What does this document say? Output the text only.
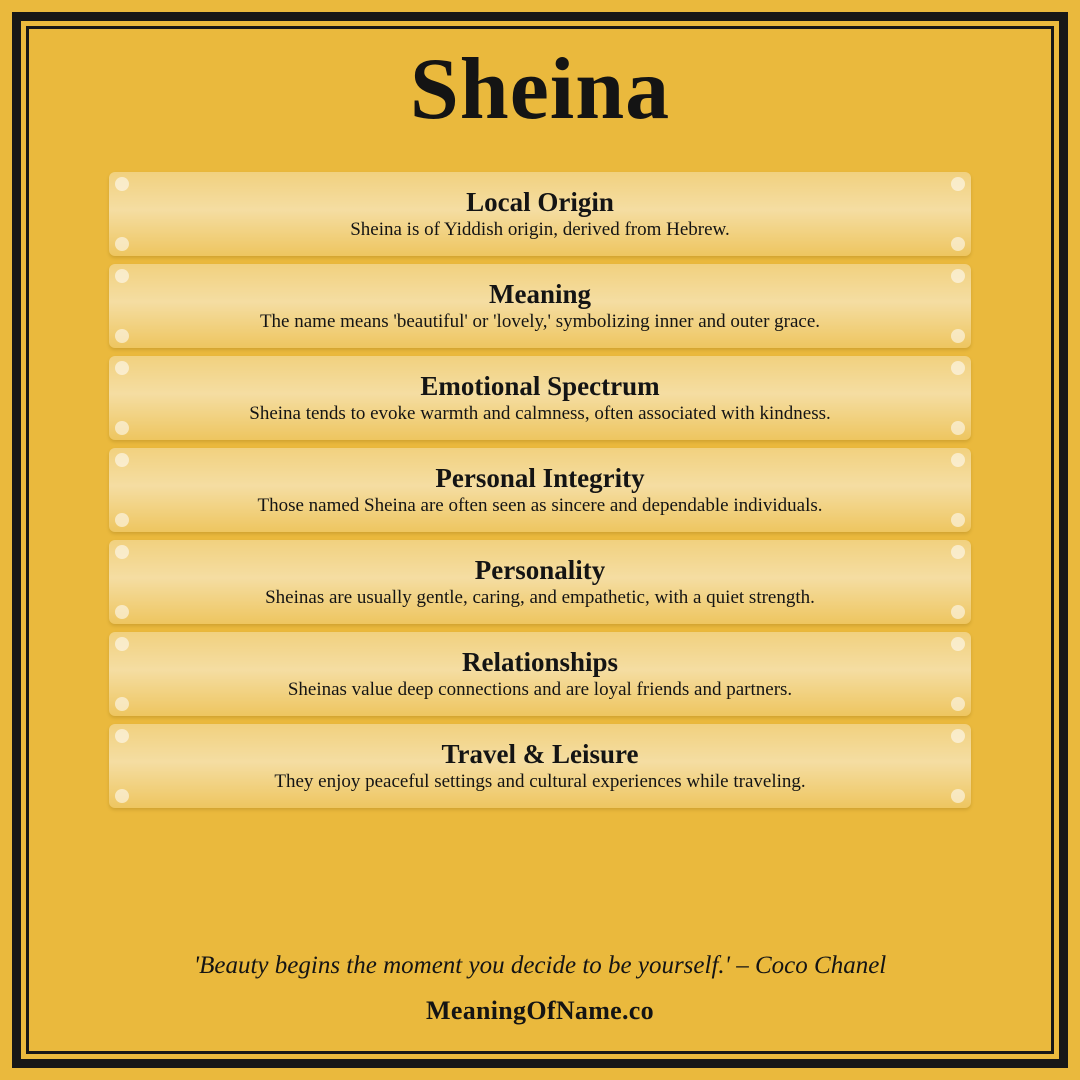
Sheina
Local Origin
Sheina is of Yiddish origin, derived from Hebrew.
Meaning
The name means 'beautiful' or 'lovely,' symbolizing inner and outer grace.
Emotional Spectrum
Sheina tends to evoke warmth and calmness, often associated with kindness.
Personal Integrity
Those named Sheina are often seen as sincere and dependable individuals.
Personality
Sheinas are usually gentle, caring, and empathetic, with a quiet strength.
Relationships
Sheinas value deep connections and are loyal friends and partners.
Travel & Leisure
They enjoy peaceful settings and cultural experiences while traveling.
'Beauty begins the moment you decide to be yourself.' – Coco Chanel
MeaningOfName.co
